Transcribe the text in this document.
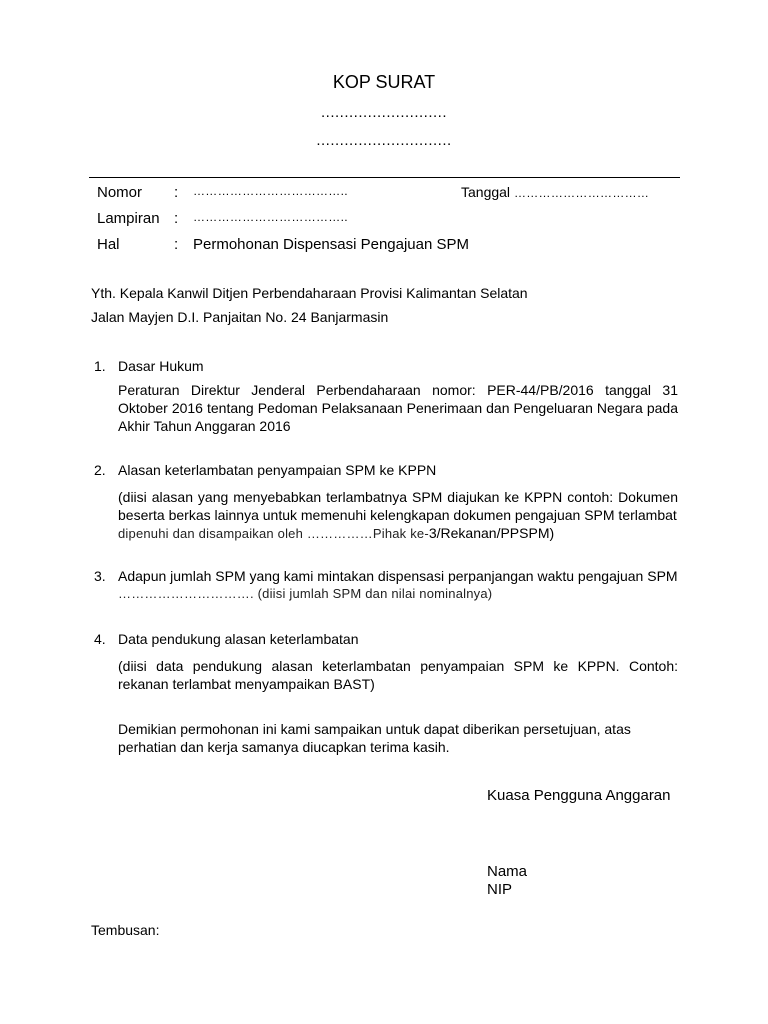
KOP SURAT
...........................
.............................
Nomor : ………………………………..	Tanggal ……………………………
Lampiran : ………………………………..
Hal	: Permohonan Dispensasi Pengajuan SPM
Yth. Kepala Kanwil Ditjen Perbendaharaan Provisi Kalimantan Selatan
Jalan Mayjen D.I. Panjaitan No. 24 Banjarmasin
1. Dasar Hukum
Peraturan Direktur Jenderal Perbendaharaan nomor: PER-44/PB/2016 tanggal 31 Oktober 2016 tentang Pedoman Pelaksanaan Penerimaan dan Pengeluaran Negara pada Akhir Tahun Anggaran 2016
2. Alasan keterlambatan penyampaian SPM ke KPPN
(diisi alasan yang menyebabkan terlambatnya SPM diajukan ke KPPN contoh: Dokumen beserta berkas lainnya untuk memenuhi kelengkapan dokumen pengajuan SPM terlambat
dipenuhi dan disampaikan oleh ……………Pihak ke-3/Rekanan/PPSPM)
3. Adapun jumlah SPM yang kami mintakan dispensasi perpanjangan waktu pengajuan SPM
…………………………. (diisi jumlah SPM dan nilai nominalnya)
4. Data pendukung alasan keterlambatan
(diisi data pendukung alasan keterlambatan penyampaian SPM ke KPPN. Contoh: rekanan terlambat menyampaikan BAST)
Demikian permohonan ini kami sampaikan untuk dapat diberikan persetujuan, atas perhatian dan kerja samanya diucapkan terima kasih.
Kuasa Pengguna Anggaran
Nama
NIP
Tembusan:
